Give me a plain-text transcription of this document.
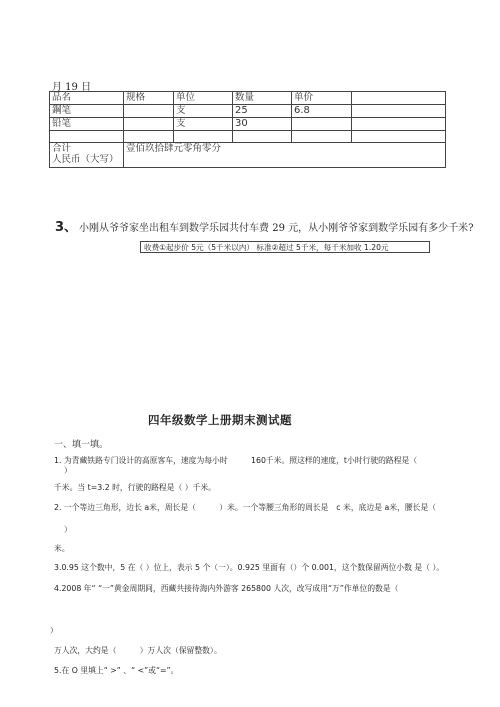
月 19 日
品名	规格	单位	数量	单价	
鋼笔		支	25	6.8	
铅笔		支	30		

合计
人民币（大写）	壹佰玖拾肆元零角零分				
3、 小刚从爷爷家坐出租车到数学乐园共付车费 29 元，从小刚爷爷家到数学乐园有多少千米?
收费①起步价 5元（5千米以内） 标准②超过 5千米，每千米加收 1.20元
四年级数学上册期末测试题
一、填一填。
1. 为青藏铁路专门设计的高原客车，速度为每小时　　　160千米。照这样的速度，t小时行驶的路程是（
）
千米。当 t=3.2 时，行驶的路程是（ ）千米。
2. 一个等边三角形，边长 a米，周长是（　　　）米。一个等腰三角形的周长是　c 米，底边是 a米，腰长是（
）
米。
3.0.95 这个数中，5 在（ ）位上，表示 5 个（一）。0.925 里面有（）个 0.001，这个数保留两位小数 是（ ）。
4.2008 年“ “一”黄金周期间，西藏共接待海内外游客 265800 人次，改写成用“万”作单位的数是（
）
万人次，大约是（　　　）万人次（保留整数）。
5.在 O 里填上“ >” 、“ <”或“=”。
